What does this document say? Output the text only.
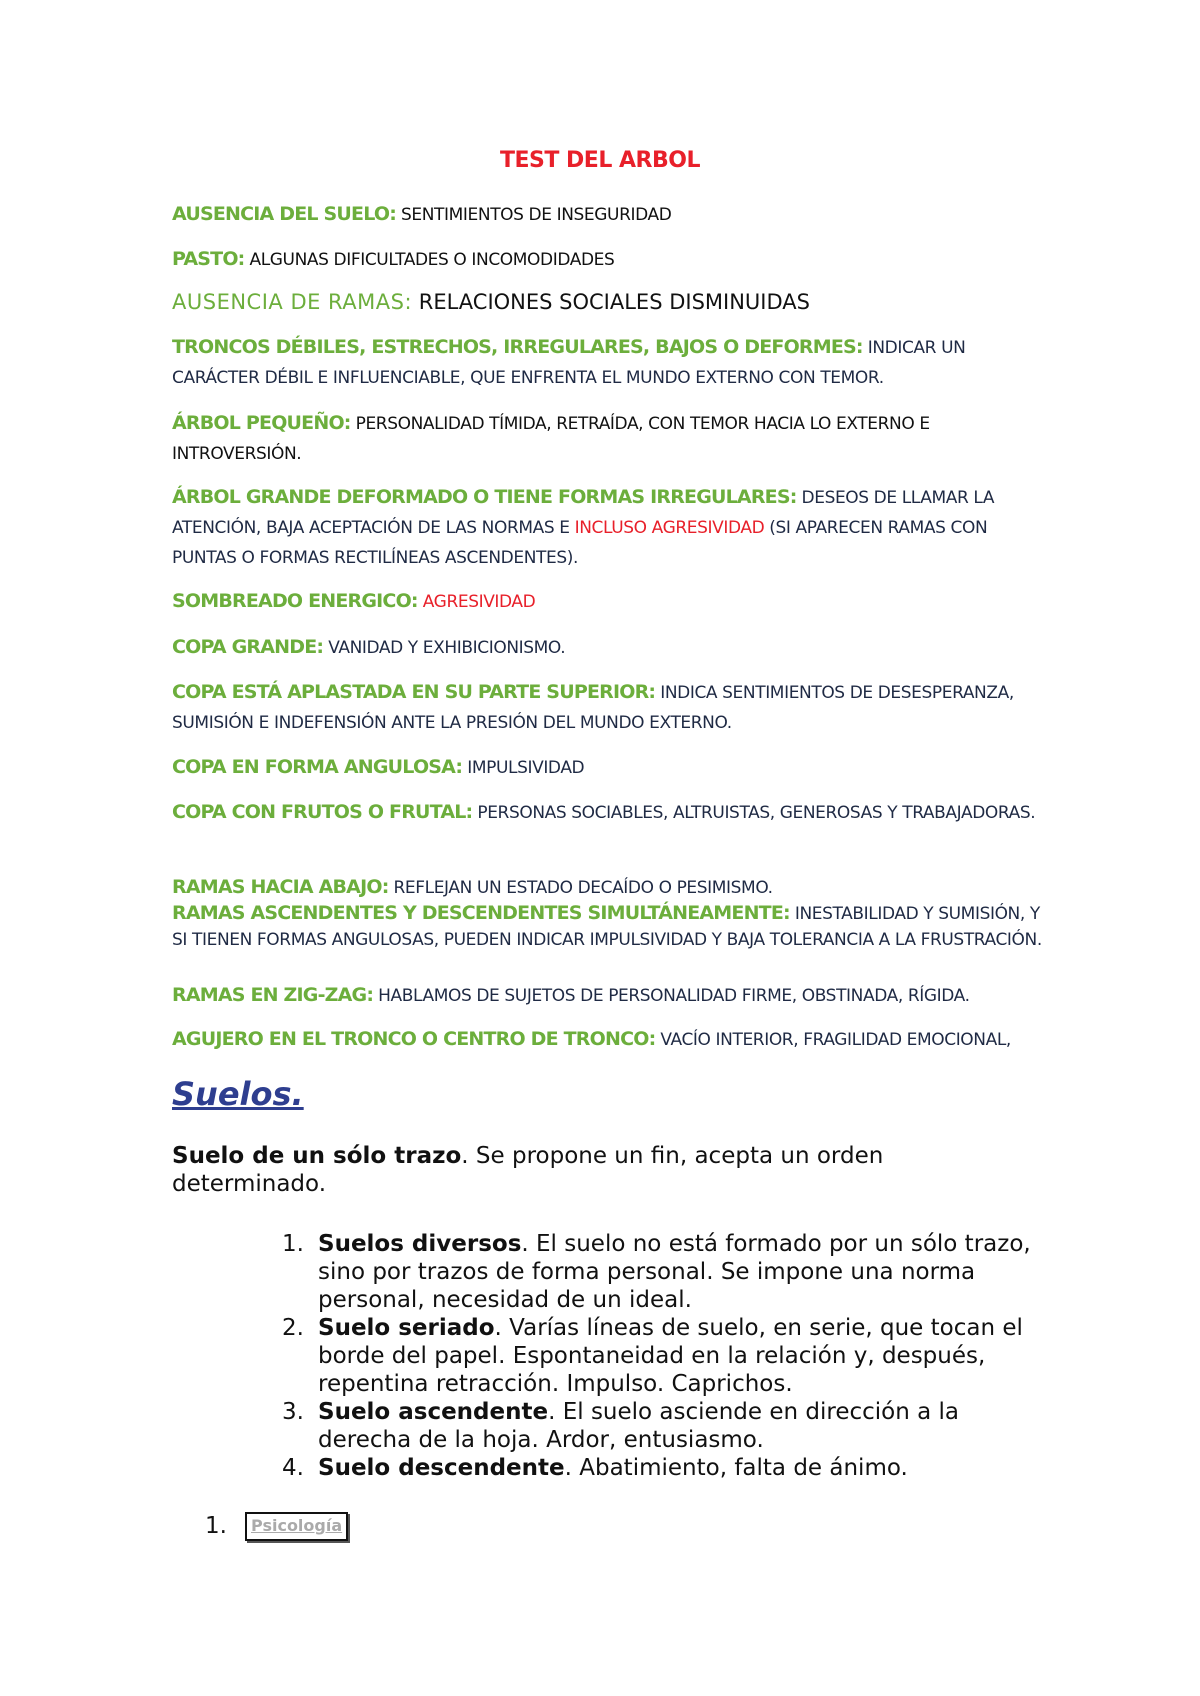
TEST DEL ARBOL
AUSENCIA DEL SUELO: SENTIMIENTOS DE INSEGURIDAD
PASTO: ALGUNAS DIFICULTADES O INCOMODIDADES
AUSENCIA DE RAMAS: RELACIONES SOCIALES DISMINUIDAS
TRONCOS DÉBILES, ESTRECHOS, IRREGULARES, BAJOS O DEFORMES: INDICAR UN CARÁCTER DÉBIL E INFLUENCIABLE, QUE ENFRENTA EL MUNDO EXTERNO CON TEMOR.
ÁRBOL PEQUEÑO: PERSONALIDAD TÍMIDA, RETRAÍDA, CON TEMOR HACIA LO EXTERNO E INTROVERSIÓN.
ÁRBOL GRANDE DEFORMADO O TIENE FORMAS IRREGULARES: DESEOS DE LLAMAR LA ATENCIÓN, BAJA ACEPTACIÓN DE LAS NORMAS E INCLUSO AGRESIVIDAD (SI APARECEN RAMAS CON PUNTAS O FORMAS RECTILÍNEAS ASCENDENTES).
SOMBREADO ENERGICO: AGRESIVIDAD
COPA GRANDE: VANIDAD Y EXHIBICIONISMO.
COPA ESTÁ APLASTADA EN SU PARTE SUPERIOR: INDICA SENTIMIENTOS DE DESESPERANZA, SUMISIÓN E INDEFENSIÓN ANTE LA PRESIÓN DEL MUNDO EXTERNO.
COPA EN FORMA ANGULOSA: IMPULSIVIDAD
COPA CON FRUTOS O FRUTAL: PERSONAS SOCIABLES, ALTRUISTAS, GENEROSAS Y TRABAJADORAS.
RAMAS HACIA ABAJO: REFLEJAN UN ESTADO DECAÍDO O PESIMISMO.
RAMAS ASCENDENTES Y DESCENDENTES SIMULTÁNEAMENTE: INESTABILIDAD Y SUMISIÓN, Y SI TIENEN FORMAS ANGULOSAS, PUEDEN INDICAR IMPULSIVIDAD Y BAJA TOLERANCIA A LA FRUSTRACIÓN.
RAMAS EN ZIG-ZAG: HABLAMOS DE SUJETOS DE PERSONALIDAD FIRME, OBSTINADA, RÍGIDA.
AGUJERO EN EL TRONCO O CENTRO DE TRONCO: VACÍO INTERIOR, FRAGILIDAD EMOCIONAL,
Suelos.
Suelo de un sólo trazo. Se propone un fin, acepta un orden determinado.
1. Suelos diversos. El suelo no está formado por un sólo trazo, sino por trazos de forma personal. Se impone una norma personal, necesidad de un ideal.
2. Suelo seriado. Varías líneas de suelo, en serie, que tocan el borde del papel. Espontaneidad en la relación y, después, repentina retracción. Impulso. Caprichos.
3. Suelo ascendente. El suelo asciende en dirección a la derecha de la hoja. Ardor, entusiasmo.
4. Suelo descendente. Abatimiento, falta de ánimo.
1. Psicología
